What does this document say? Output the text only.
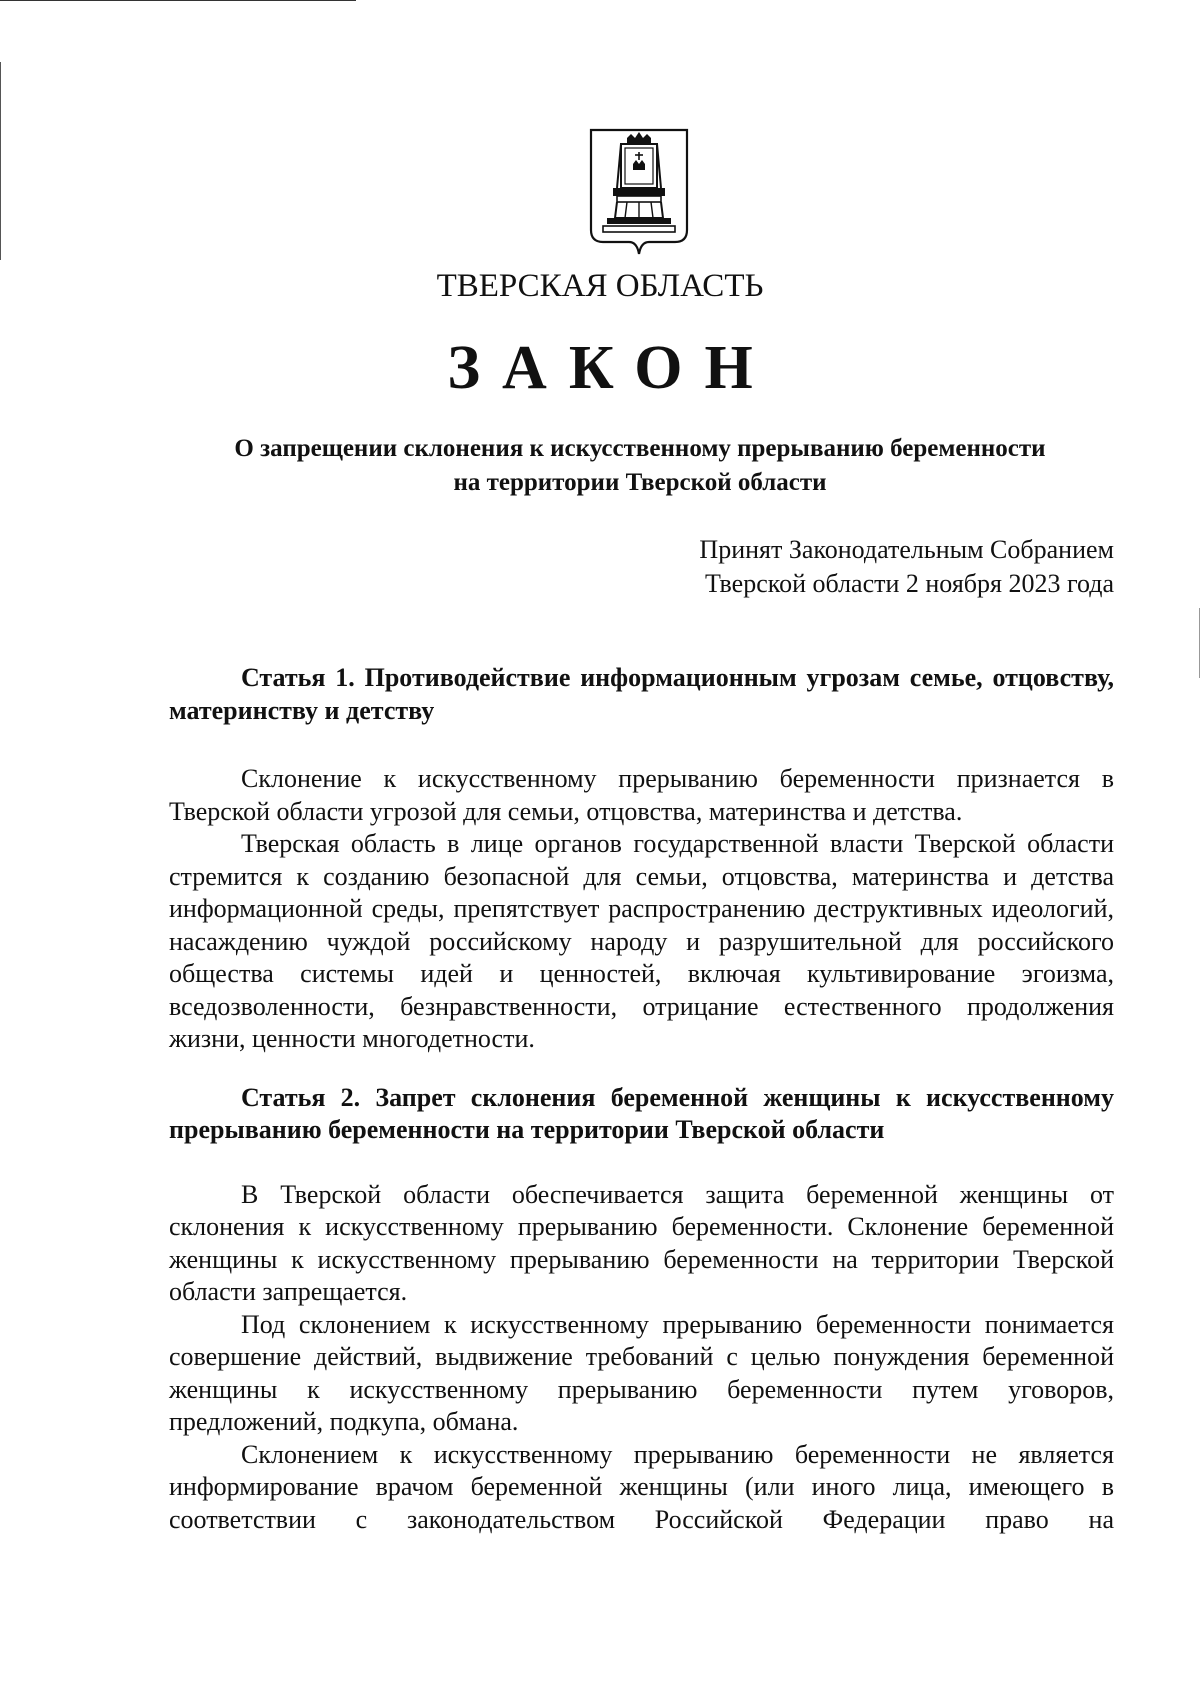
ТВЕРСКАЯ ОБЛАСТЬ
ЗАКОН
О запрещении склонения к искусственному прерыванию беременности
на территории Тверской области
Принят Законодательным Собранием
Тверской области 2 ноября 2023 года

Статья 1. Противодействие информационным угрозам семье, отцовству, материнству и детству

Склонение к искусственному прерыванию беременности признается в Тверской области угрозой для семьи, отцовства, материнства и детства.

Тверская область в лице органов государственной власти Тверской области стремится к созданию безопасной для семьи, отцовства, материнства и детства информационной среды, препятствует распространению деструктивных идеологий, насаждению чуждой российскому народу и разрушительной для российского общества системы идей и ценностей, включая культивирование эгоизма, вседозволенности, безнравственности, отрицание естественного продолжения жизни, ценности многодетности.

Статья 2. Запрет склонения беременной женщины к искусственному прерыванию беременности на территории Тверской области

В Тверской области обеспечивается защита беременной женщины от склонения к искусственному прерыванию беременности. Склонение беременной женщины к искусственному прерыванию беременности на территории Тверской области запрещается.

Под склонением к искусственному прерыванию беременности понимается совершение действий, выдвижение требований с целью понуждения беременной женщины к искусственному прерыванию беременности путем уговоров, предложений, подкупа, обмана.

Склонением к искусственному прерыванию беременности не является информирование врачом беременной женщины (или иного лица, имеющего в соответствии с законодательством Российской Федерации право на
